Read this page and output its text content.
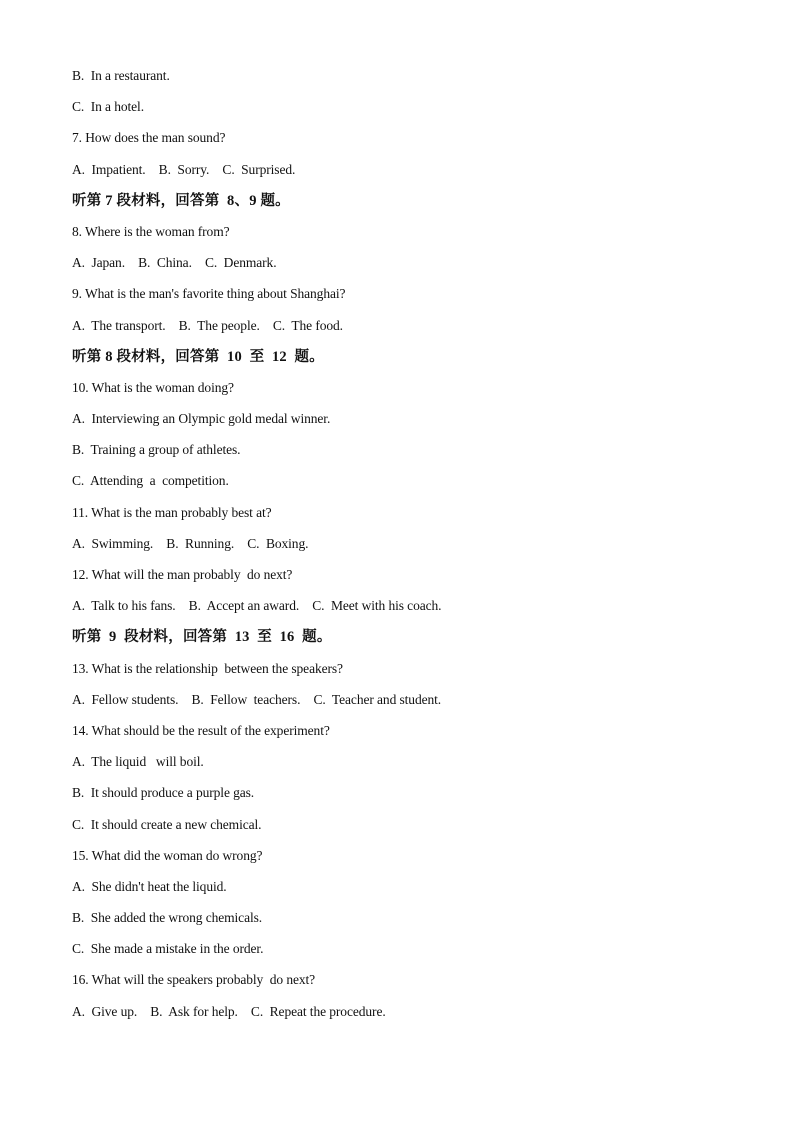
B.  In a restaurant.
C.  In a hotel.
7. How does the man sound?
A.  Impatient.    B.  Sorry.    C.  Surprised.
听第 7 段材料，回答第  8、9 题。
8. Where is the woman from?
A.  Japan.    B.  China.    C.  Denmark.
9. What is the man's favorite thing about Shanghai?
A.  The transport.    B.  The people.    C.  The food.
听第 8 段材料，回答第  10  至  12  题。
10. What is the woman doing?
A.  Interviewing an Olympic gold medal winner.
B.  Training a group of athletes.
C.  Attending  a  competition.
11. What is the man probably best at?
A.  Swimming.    B.  Running.    C.  Boxing.
12. What will the man probably  do next?
A.  Talk to his fans.    B.  Accept an award.    C.  Meet with his coach.
听第  9  段材料，回答第  13  至  16  题。
13. What is the relationship  between the speakers?
A.  Fellow students.    B.  Fellow  teachers.    C.  Teacher and student.
14. What should be the result of the experiment?
A.  The liquid   will boil.
B.  It should produce a purple gas.
C.  It should create a new chemical.
15. What did the woman do wrong?
A.  She didn't heat the liquid.
B.  She added the wrong chemicals.
C.  She made a mistake in the order.
16. What will the speakers probably  do next?
A.  Give up.    B.  Ask for help.    C.  Repeat the procedure.
